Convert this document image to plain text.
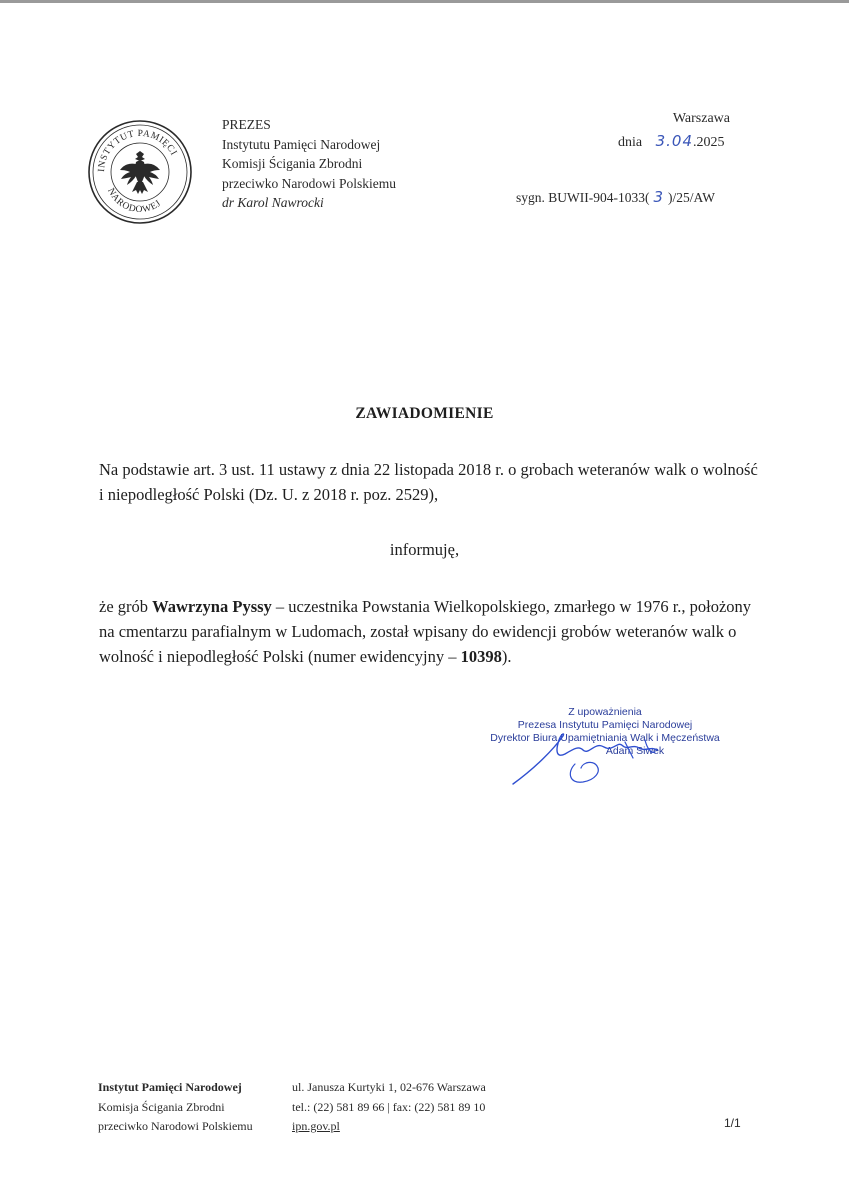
INSTYTUT PAMIĘCI
NARODOWEJ
PREZES
Instytutu Pamięci Narodowej
Komisji Ścigania Zbrodni
przeciwko Narodowi Polskiemu
dr Karol Nawrocki
Warszawa
dnia 3.04.2025
sygn. BUWII-904-1033( 3 )/25/AW
ZAWIADOMIENIE
Na podstawie art. 3 ust. 11 ustawy z dnia 22 listopada 2018 r. o grobach weteranów walk o wolność i niepodległość Polski (Dz. U. z 2018 r. poz. 2529),
informuję,
że grób Wawrzyna Pyssy – uczestnika Powstania Wielkopolskiego, zmarłego w 1976 r., położony na cmentarzu parafialnym w Ludomach, został wpisany do ewidencji grobów weteranów walk o wolność i niepodległość Polski (numer ewidencyjny – 10398).
Z upoważnienia
Prezesa Instytutu Pamięci Narodowej
Dyrektor Biura Upamiętniania Walk i Męczeństwa
Adam Siwek
Instytut Pamięci Narodowej
Komisja Ścigania Zbrodni
przeciwko Narodowi Polskiemu
ul. Janusza Kurtyki 1, 02-676 Warszawa
tel.: (22) 581 89 66 | fax: (22) 581 89 10
ipn.gov.pl	1/1
